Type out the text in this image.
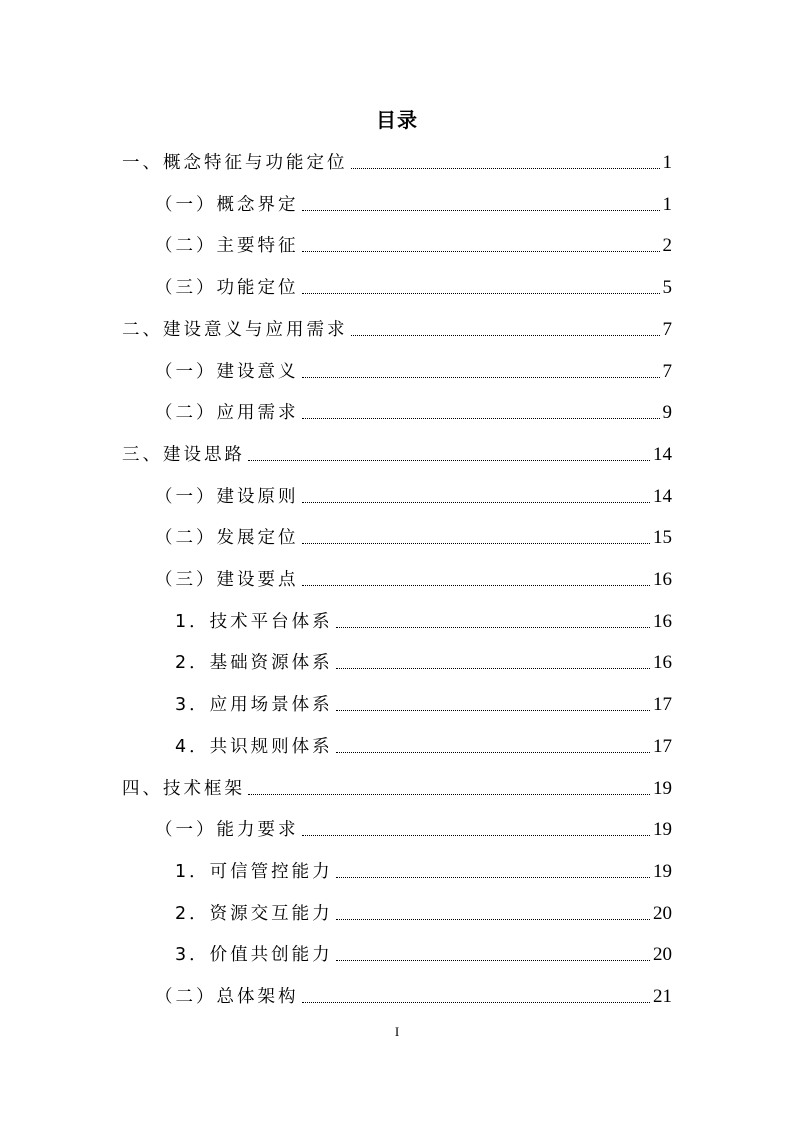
目录
一、概念特征与功能定位	1
（一）概念界定	1
（二）主要特征	2
（三）功能定位	5
二、建设意义与应用需求	7
（一）建设意义	7
（二）应用需求	9
三、建设思路	14
（一）建设原则	14
（二）发展定位	15
（三）建设要点	16
1．技术平台体系	16
2．基础资源体系	16
3．应用场景体系	17
4．共识规则体系	17
四、技术框架	19
（一）能力要求	19
1．可信管控能力	19
2．资源交互能力	20
3．价值共创能力	20
（二）总体架构	21
I
